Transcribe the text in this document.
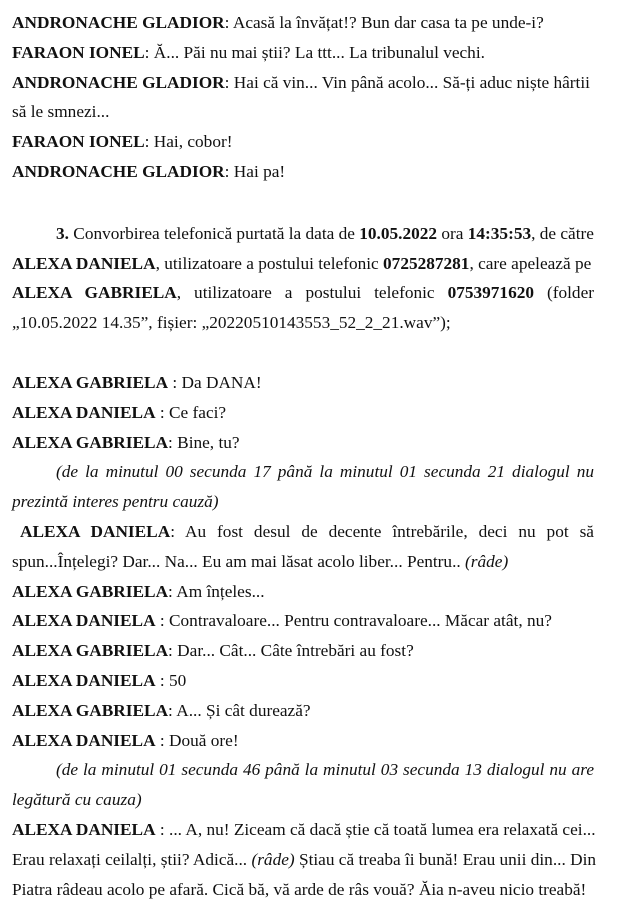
ANDRONACHE GLADIOR: Acasă la învățat!? Bun dar casa ta pe unde-i?
FARAON IONEL: Ă... Păi nu mai știi? La ttt... La tribunalul vechi.
ANDRONACHE GLADIOR: Hai că vin... Vin până acolo... Să-ți aduc niște hârtii
să le smnezi...
FARAON IONEL: Hai, cobor!
ANDRONACHE GLADIOR: Hai pa!
3. Convorbirea telefonică purtată la data de 10.05.2022 ora 14:35:53, de către
ALEXA DANIELA, utilizatoare a postului telefonic 0725287281, care apelează pe
ALEXA GABRIELA, utilizatoare a postului telefonic 0753971620 (folder
„10.05.2022 14.35”, fișier: „20220510143553_52_2_21.wav”);
ALEXA GABRIELA : Da DANA!
ALEXA DANIELA : Ce faci?
ALEXA GABRIELA: Bine, tu?
(de la minutul 00 secunda 17 până la minutul 01 secunda 21 dialogul nu
prezintă interes pentru cauză)
ALEXA DANIELA: Au fost desul de decente întrebările, deci nu pot să
spun...Înțelegi? Dar... Na... Eu am mai lăsat acolo liber... Pentru.. (râde)
ALEXA GABRIELA: Am înțeles...
ALEXA DANIELA : Contravaloare... Pentru contravaloare... Măcar atât, nu?
ALEXA GABRIELA: Dar... Cât... Câte întrebări au fost?
ALEXA DANIELA : 50
ALEXA GABRIELA: A... Și cât durează?
ALEXA DANIELA : Două ore!
(de la minutul 01 secunda 46 până la minutul 03 secunda 13 dialogul nu are
legătură cu cauza)
ALEXA DANIELA : ... A, nu! Ziceam că dacă știe că toată lumea era relaxată cei...
Erau relaxați ceilalți, știi? Adică... (râde) Știau că treaba îi bună! Erau unii din... Din
Piatra râdeau acolo pe afară. Cică bă, vă arde de râs vouă? Ăia n-aveu nicio treabă!
